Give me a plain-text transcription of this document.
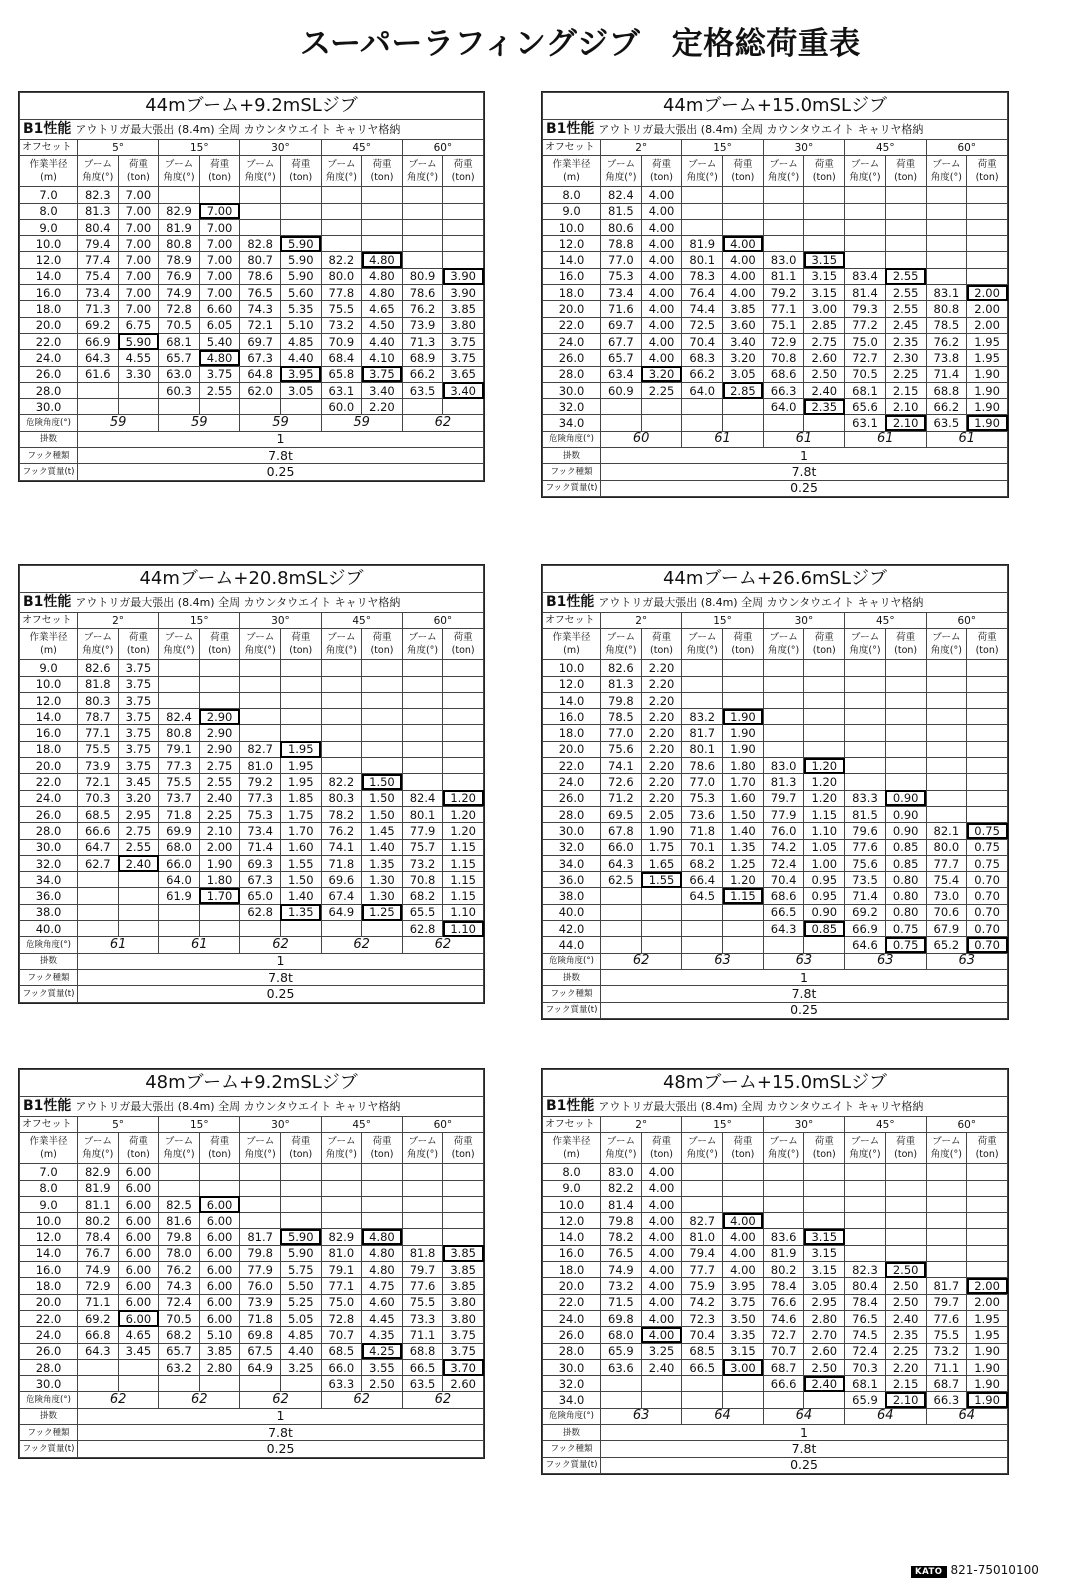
スーパーラフィングジブ　定格総荷重表
44mブーム+9.2mSLジブ										
B1性能 アウトリガ最大張出 (8.4m) 全周 カウンタウエイト キャリヤ格納										
オフセット	5°		15°		30°		45°		60°	
作業半径
(m)	ブーム
角度(°)	荷重
(ton)	ブーム
角度(°)	荷重
(ton)	ブーム
角度(°)	荷重
(ton)	ブーム
角度(°)	荷重
(ton)	ブーム
角度(°)	荷重
(ton)
7.0	82.3	7.00								
8.0	81.3	7.00	82.9	7.00						
9.0	80.4	7.00	81.9	7.00						
10.0	79.4	7.00	80.8	7.00	82.8	5.90				
12.0	77.4	7.00	78.9	7.00	80.7	5.90	82.2	4.80		
14.0	75.4	7.00	76.9	7.00	78.6	5.90	80.0	4.80	80.9	3.90
16.0	73.4	7.00	74.9	7.00	76.5	5.60	77.8	4.80	78.6	3.90
18.0	71.3	7.00	72.8	6.60	74.3	5.35	75.5	4.65	76.2	3.85
20.0	69.2	6.75	70.5	6.05	72.1	5.10	73.2	4.50	73.9	3.80
22.0	66.9	5.90	68.1	5.40	69.7	4.85	70.9	4.40	71.3	3.75
24.0	64.3	4.55	65.7	4.80	67.3	4.40	68.4	4.10	68.9	3.75
26.0	61.6	3.30	63.0	3.75	64.8	3.95	65.8	3.75	66.2	3.65
28.0			60.3	2.55	62.0	3.05	63.1	3.40	63.5	3.40
30.0							60.0	2.20		
危険角度(°)	59		59		59		59		62	
掛数	1									
フック種類	7.8t									
フック質量(t)	0.25									
44mブーム+15.0mSLジブ										
B1性能 アウトリガ最大張出 (8.4m) 全周 カウンタウエイト キャリヤ格納										
オフセット	2°		15°		30°		45°		60°	
作業半径
(m)	ブーム
角度(°)	荷重
(ton)	ブーム
角度(°)	荷重
(ton)	ブーム
角度(°)	荷重
(ton)	ブーム
角度(°)	荷重
(ton)	ブーム
角度(°)	荷重
(ton)
8.0	82.4	4.00								
9.0	81.5	4.00								
10.0	80.6	4.00								
12.0	78.8	4.00	81.9	4.00						
14.0	77.0	4.00	80.1	4.00	83.0	3.15				
16.0	75.3	4.00	78.3	4.00	81.1	3.15	83.4	2.55		
18.0	73.4	4.00	76.4	4.00	79.2	3.15	81.4	2.55	83.1	2.00
20.0	71.6	4.00	74.4	3.85	77.1	3.00	79.3	2.55	80.8	2.00
22.0	69.7	4.00	72.5	3.60	75.1	2.85	77.2	2.45	78.5	2.00
24.0	67.7	4.00	70.4	3.40	72.9	2.75	75.0	2.35	76.2	1.95
26.0	65.7	4.00	68.3	3.20	70.8	2.60	72.7	2.30	73.8	1.95
28.0	63.4	3.20	66.2	3.05	68.6	2.50	70.5	2.25	71.4	1.90
30.0	60.9	2.25	64.0	2.85	66.3	2.40	68.1	2.15	68.8	1.90
32.0					64.0	2.35	65.6	2.10	66.2	1.90
34.0							63.1	2.10	63.5	1.90
危険角度(°)	60		61		61		61		61	
掛数	1									
フック種類	7.8t									
フック質量(t)	0.25									
44mブーム+20.8mSLジブ										
B1性能 アウトリガ最大張出 (8.4m) 全周 カウンタウエイト キャリヤ格納										
オフセット	2°		15°		30°		45°		60°	
作業半径
(m)	ブーム
角度(°)	荷重
(ton)	ブーム
角度(°)	荷重
(ton)	ブーム
角度(°)	荷重
(ton)	ブーム
角度(°)	荷重
(ton)	ブーム
角度(°)	荷重
(ton)
9.0	82.6	3.75								
10.0	81.8	3.75								
12.0	80.3	3.75								
14.0	78.7	3.75	82.4	2.90						
16.0	77.1	3.75	80.8	2.90						
18.0	75.5	3.75	79.1	2.90	82.7	1.95				
20.0	73.9	3.75	77.3	2.75	81.0	1.95				
22.0	72.1	3.45	75.5	2.55	79.2	1.95	82.2	1.50		
24.0	70.3	3.20	73.7	2.40	77.3	1.85	80.3	1.50	82.4	1.20
26.0	68.5	2.95	71.8	2.25	75.3	1.75	78.2	1.50	80.1	1.20
28.0	66.6	2.75	69.9	2.10	73.4	1.70	76.2	1.45	77.9	1.20
30.0	64.7	2.55	68.0	2.00	71.4	1.60	74.1	1.40	75.7	1.15
32.0	62.7	2.40	66.0	1.90	69.3	1.55	71.8	1.35	73.2	1.15
34.0			64.0	1.80	67.3	1.50	69.6	1.30	70.8	1.15
36.0			61.9	1.70	65.0	1.40	67.4	1.30	68.2	1.15
38.0					62.8	1.35	64.9	1.25	65.5	1.10
40.0									62.8	1.10
危険角度(°)	61		61		62		62		62	
掛数	1									
フック種類	7.8t									
フック質量(t)	0.25									
44mブーム+26.6mSLジブ										
B1性能 アウトリガ最大張出 (8.4m) 全周 カウンタウエイト キャリヤ格納										
オフセット	2°		15°		30°		45°		60°	
作業半径
(m)	ブーム
角度(°)	荷重
(ton)	ブーム
角度(°)	荷重
(ton)	ブーム
角度(°)	荷重
(ton)	ブーム
角度(°)	荷重
(ton)	ブーム
角度(°)	荷重
(ton)
10.0	82.6	2.20								
12.0	81.3	2.20								
14.0	79.8	2.20								
16.0	78.5	2.20	83.2	1.90						
18.0	77.0	2.20	81.7	1.90						
20.0	75.6	2.20	80.1	1.90						
22.0	74.1	2.20	78.6	1.80	83.0	1.20				
24.0	72.6	2.20	77.0	1.70	81.3	1.20				
26.0	71.2	2.20	75.3	1.60	79.7	1.20	83.3	0.90		
28.0	69.5	2.05	73.6	1.50	77.9	1.15	81.5	0.90		
30.0	67.8	1.90	71.8	1.40	76.0	1.10	79.6	0.90	82.1	0.75
32.0	66.0	1.75	70.1	1.35	74.2	1.05	77.6	0.85	80.0	0.75
34.0	64.3	1.65	68.2	1.25	72.4	1.00	75.6	0.85	77.7	0.75
36.0	62.5	1.55	66.4	1.20	70.4	0.95	73.5	0.80	75.4	0.70
38.0			64.5	1.15	68.6	0.95	71.4	0.80	73.0	0.70
40.0					66.5	0.90	69.2	0.80	70.6	0.70
42.0					64.3	0.85	66.9	0.75	67.9	0.70
44.0							64.6	0.75	65.2	0.70
危険角度(°)	62		63		63		63		63	
掛数	1									
フック種類	7.8t									
フック質量(t)	0.25									
48mブーム+9.2mSLジブ										
B1性能 アウトリガ最大張出 (8.4m) 全周 カウンタウエイト キャリヤ格納										
オフセット	5°		15°		30°		45°		60°	
作業半径
(m)	ブーム
角度(°)	荷重
(ton)	ブーム
角度(°)	荷重
(ton)	ブーム
角度(°)	荷重
(ton)	ブーム
角度(°)	荷重
(ton)	ブーム
角度(°)	荷重
(ton)
7.0	82.9	6.00								
8.0	81.9	6.00								
9.0	81.1	6.00	82.5	6.00						
10.0	80.2	6.00	81.6	6.00						
12.0	78.4	6.00	79.8	6.00	81.7	5.90	82.9	4.80		
14.0	76.7	6.00	78.0	6.00	79.8	5.90	81.0	4.80	81.8	3.85
16.0	74.9	6.00	76.2	6.00	77.9	5.75	79.1	4.80	79.7	3.85
18.0	72.9	6.00	74.3	6.00	76.0	5.50	77.1	4.75	77.6	3.85
20.0	71.1	6.00	72.4	6.00	73.9	5.25	75.0	4.60	75.5	3.80
22.0	69.2	6.00	70.5	6.00	71.8	5.05	72.8	4.45	73.3	3.80
24.0	66.8	4.65	68.2	5.10	69.8	4.85	70.7	4.35	71.1	3.75
26.0	64.3	3.45	65.7	3.85	67.5	4.40	68.5	4.25	68.8	3.75
28.0			63.2	2.80	64.9	3.25	66.0	3.55	66.5	3.70
30.0							63.3	2.50	63.5	2.60
危険角度(°)	62		62		62		62		62	
掛数	1									
フック種類	7.8t									
フック質量(t)	0.25									
48mブーム+15.0mSLジブ										
B1性能 アウトリガ最大張出 (8.4m) 全周 カウンタウエイト キャリヤ格納										
オフセット	2°		15°		30°		45°		60°	
作業半径
(m)	ブーム
角度(°)	荷重
(ton)	ブーム
角度(°)	荷重
(ton)	ブーム
角度(°)	荷重
(ton)	ブーム
角度(°)	荷重
(ton)	ブーム
角度(°)	荷重
(ton)
8.0	83.0	4.00								
9.0	82.2	4.00								
10.0	81.4	4.00								
12.0	79.8	4.00	82.7	4.00						
14.0	78.2	4.00	81.0	4.00	83.6	3.15				
16.0	76.5	4.00	79.4	4.00	81.9	3.15				
18.0	74.9	4.00	77.7	4.00	80.2	3.15	82.3	2.50		
20.0	73.2	4.00	75.9	3.95	78.4	3.05	80.4	2.50	81.7	2.00
22.0	71.5	4.00	74.2	3.75	76.6	2.95	78.4	2.50	79.7	2.00
24.0	69.8	4.00	72.3	3.50	74.6	2.80	76.5	2.40	77.6	1.95
26.0	68.0	4.00	70.4	3.35	72.7	2.70	74.5	2.35	75.5	1.95
28.0	65.9	3.25	68.5	3.15	70.7	2.60	72.4	2.25	73.2	1.90
30.0	63.6	2.40	66.5	3.00	68.7	2.50	70.3	2.20	71.1	1.90
32.0					66.6	2.40	68.1	2.15	68.7	1.90
34.0							65.9	2.10	66.3	1.90
危険角度(°)	63		64		64		64		64	
掛数	1									
フック種類	7.8t									
フック質量(t)	0.25									
KATO 821-75010100
